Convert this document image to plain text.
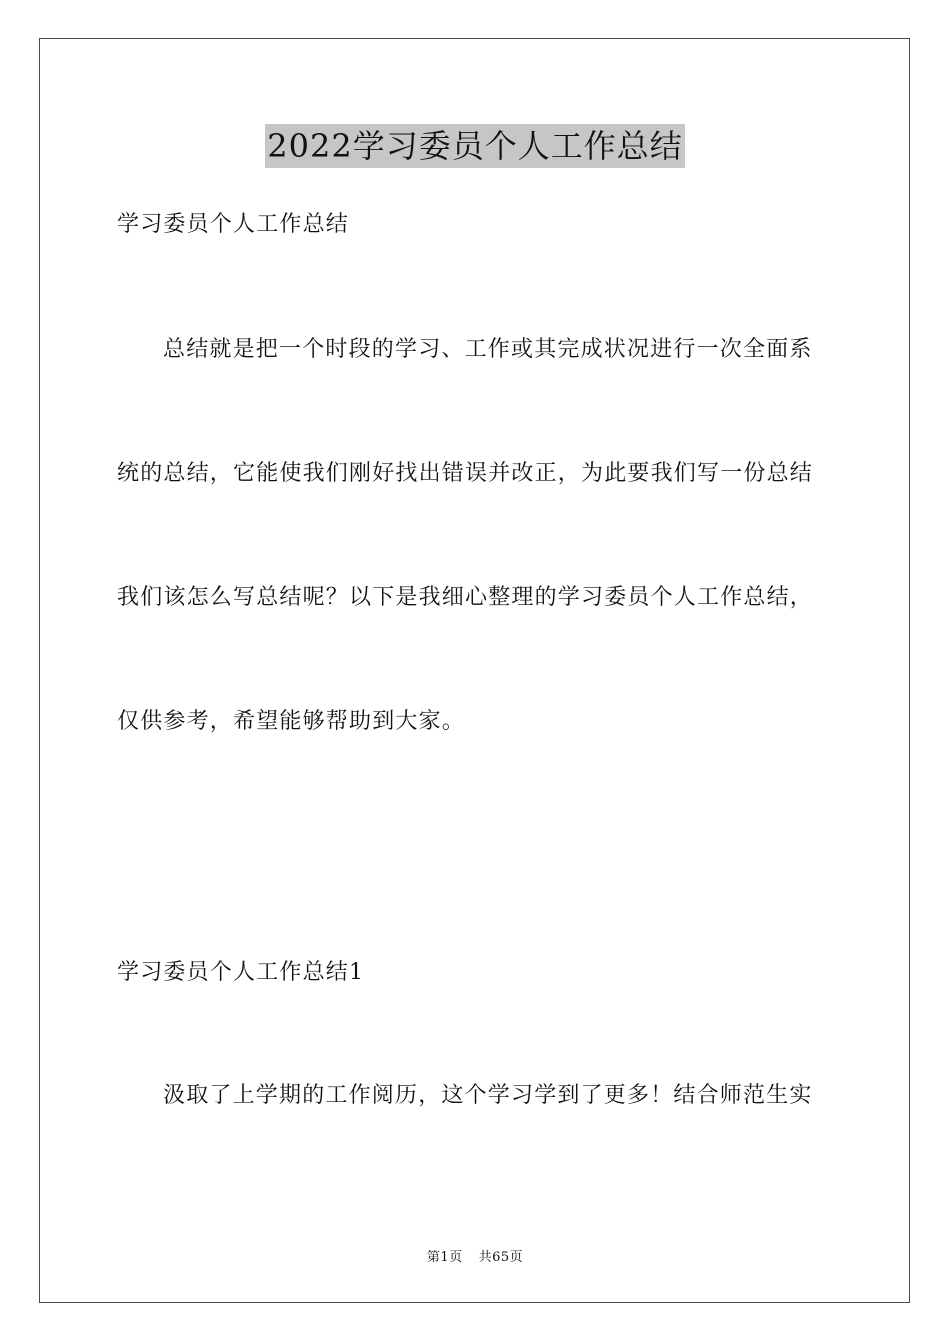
2022学习委员个人工作总结
学习委员个人工作总结
总结就是把一个时段的学习、工作或其完成状况进行一次全面系
统的总结，它能使我们刚好找出错误并改正，为此要我们写一份总结
我们该怎么写总结呢？以下是我细心整理的学习委员个人工作总结，
仅供参考，希望能够帮助到大家。
学习委员个人工作总结1
汲取了上学期的工作阅历，这个学习学到了更多！结合师范生实
第1页 共65页
